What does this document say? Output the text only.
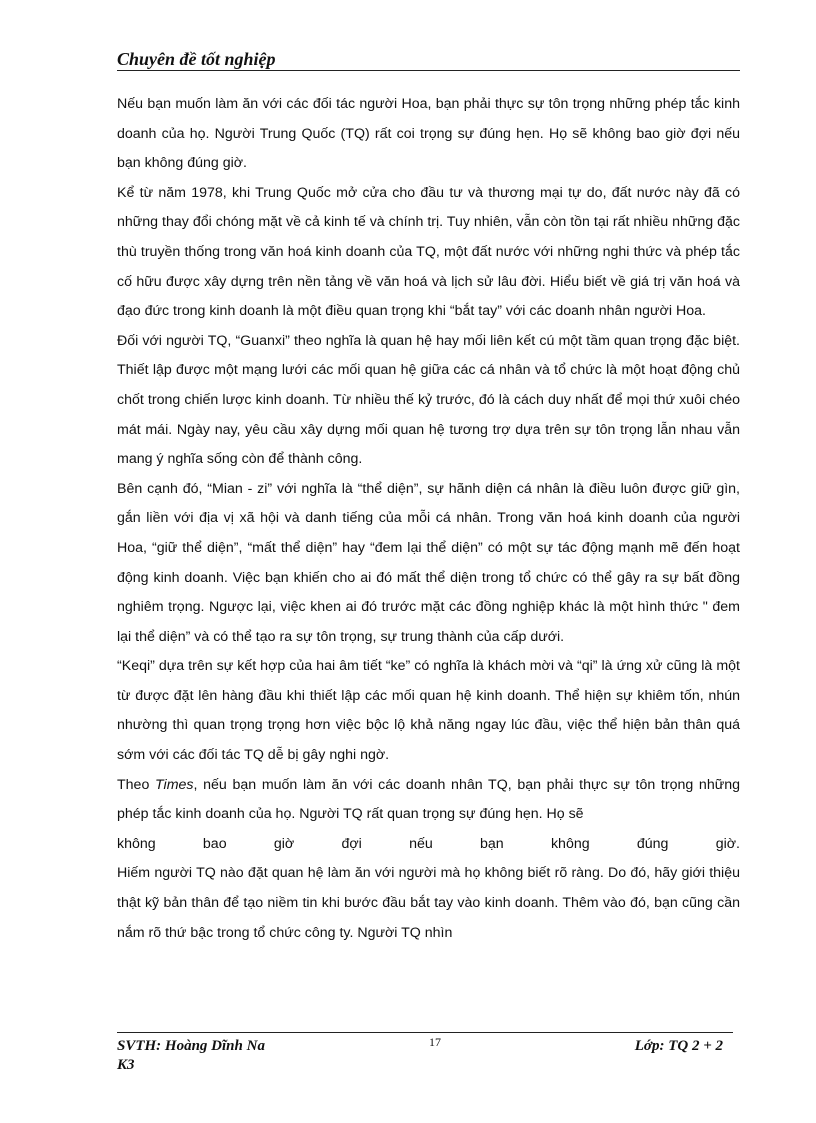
Chuyên đề tốt nghiệp

Nếu bạn muốn làm ăn với các đối tác người Hoa, bạn phải thực sự tôn trọng những phép tắc kinh doanh của họ. Người Trung Quốc (TQ) rất coi trọng sự đúng hẹn. Họ sẽ không bao giờ đợi nếu bạn không đúng giờ.

Kể từ năm 1978, khi Trung Quốc mở cửa cho đầu tư và thương mại tự do, đất nước này đã có những thay đổi chóng mặt về cả kinh tế và chính trị. Tuy nhiên, vẫn còn tồn tại rất nhiều những đặc thù truyền thống trong văn hoá kinh doanh của TQ, một đất nước với những nghi thức và phép tắc cố hữu được xây dựng trên nền tảng về văn hoá và lịch sử lâu đời. Hiểu biết về giá trị văn hoá và đạo đức trong kinh doanh là một điều quan trọng khi “bắt tay” với các doanh nhân người Hoa.

Đối với người TQ, “Guanxi” theo nghĩa là quan hệ hay mối liên kết cú một tầm quan trọng đặc biệt. Thiết lập được một mạng lưới các mối quan hệ giữa các cá nhân và tổ chức là một hoạt động chủ chốt trong chiến lược kinh doanh. Từ nhiều thế kỷ trước, đó là cách duy nhất để mọi thứ xuôi chéo mát mái. Ngày nay, yêu cầu xây dựng mối quan hệ tương trợ dựa trên sự tôn trọng lẫn nhau vẫn mang ý nghĩa sống còn để thành công.

Bên cạnh đó, “Mian - zi” với nghĩa là “thể diện”, sự hãnh diện cá nhân là điều luôn được giữ gìn, gắn liền với địa vị xã hội và danh tiếng của mỗi cá nhân. Trong văn hoá kinh doanh của người Hoa, “giữ thể diện”, “mất thể diện” hay “đem lại thể diện” có một sự tác động mạnh mẽ đến hoạt động kinh doanh. Việc bạn khiến cho ai đó mất thể diện trong tổ chức có thể gây ra sự bất đồng nghiêm trọng. Ngược lại, việc khen ai đó trước mặt các đồng nghiệp khác là một hình thức " đem lại thể diện” và có thể tạo ra sự tôn trọng, sự trung thành của cấp dưới.

“Keqi” dựa trên sự kết hợp của hai âm tiết “ke” có nghĩa là khách mời và “qi” là ứng xử cũng là một từ được đặt lên hàng đầu khi thiết lập các mối quan hệ kinh doanh. Thể hiện sự khiêm tốn, nhún nhường thì quan trọng trọng hơn việc bộc lộ khả năng ngay lúc đầu, việc thể hiện bản thân quá sớm với các đối tác TQ dễ bị gây nghi ngờ.

Theo Times, nếu bạn muốn làm ăn với các doanh nhân TQ, bạn phải thực sự tôn trọng những phép tắc kinh doanh của họ. Người TQ rất quan trọng sự đúng hẹn. Họ sẽ
không bao giờ đợi nếu bạn không đúng giờ.
Hiếm người TQ nào đặt quan hệ làm ăn với người mà họ không biết rõ ràng. Do đó, hãy giới thiệu thật kỹ bản thân để tạo niềm tin khi bước đầu bắt tay vào kinh doanh. Thêm vào đó, bạn cũng cần nắm rõ thứ bậc trong tổ chức công ty. Người TQ nhìn

SVTH: Hoàng Dĩnh Na
K3
17	Lớp: TQ 2 + 2
